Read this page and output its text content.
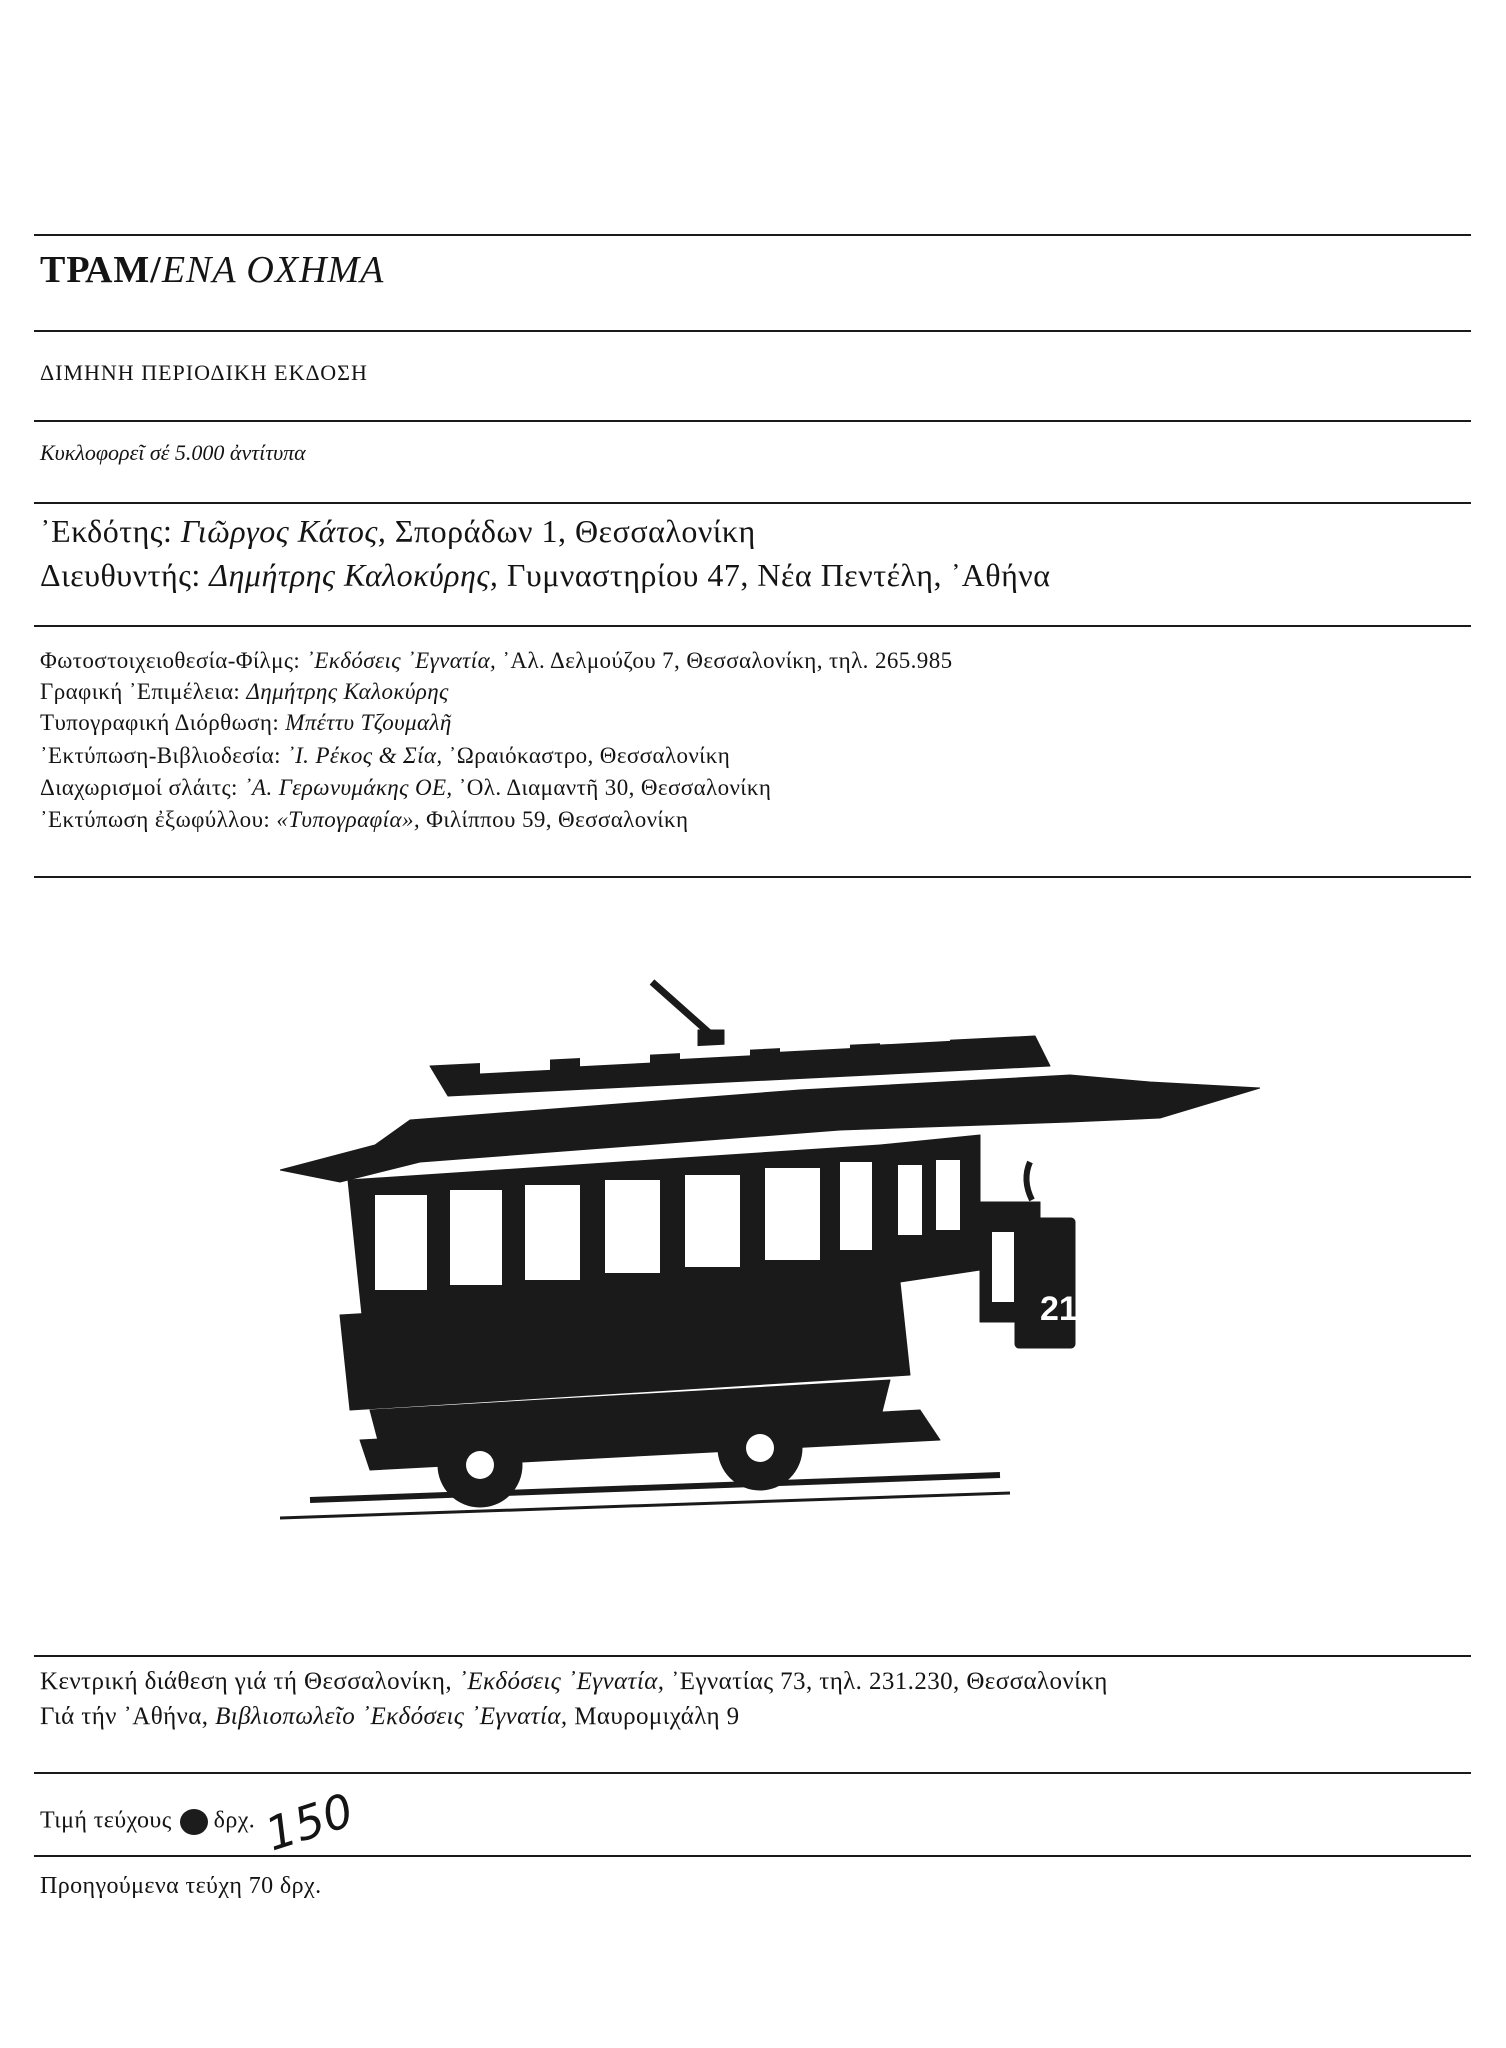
ΤΡΑΜ/ΕΝΑ ΟΧΗΜΑ
ΔΙΜΗΝΗ ΠΕΡΙΟΔΙΚΗ ΕΚΔΟΣΗ
Κυκλοφορεῖ σέ 5.000 ἀντίτυπα
᾿Εκδότης: Γιῶργος Κάτος, Σποράδων 1, Θεσσαλονίκη
Διευθυντής: Δημήτρης Καλοκύρης, Γυμναστηρίου 47, Νέα Πεντέλη, ᾿Αθήνα
Φωτοστοιχειοθεσία-Φίλμς: ᾿Εκδόσεις ᾿Εγνατία, ᾿Αλ. Δελμούζου 7, Θεσσαλονίκη, τηλ. 265.985
Γραφική ᾿Επιμέλεια: Δημήτρης Καλοκύρης
Τυπογραφική Διόρθωση: Μπέττυ Τζουμαλῆ
᾿Εκτύπωση-Βιβλιοδεσία: ᾿Ι. Ρέκος & Σία, ᾿Ωραιόκαστρο, Θεσσαλονίκη
Διαχωρισμοί σλάιτς: ᾿Α. Γερωνυμάκης ΟΕ, ᾿Ολ. Διαμαντῆ 30, Θεσσαλονίκη
᾿Εκτύπωση ἐξωφύλλου: «Τυπογραφία», Φιλίππου 59, Θεσσαλονίκη
21
Κεντρική διάθεση γιά τή Θεσσαλονίκη, ᾿Εκδόσεις ᾿Εγνατία, ᾿Εγνατίας 73, τηλ. 231.230, Θεσσαλονίκη
Γιά τήν ᾿Αθήνα, Βιβλιοπωλεῖο ᾿Εκδόσεις ᾿Εγνατία, Μαυρομιχάλη 9
Τιμή τεύχους δρχ.150
Προηγούμενα τεύχη 70 δρχ.
